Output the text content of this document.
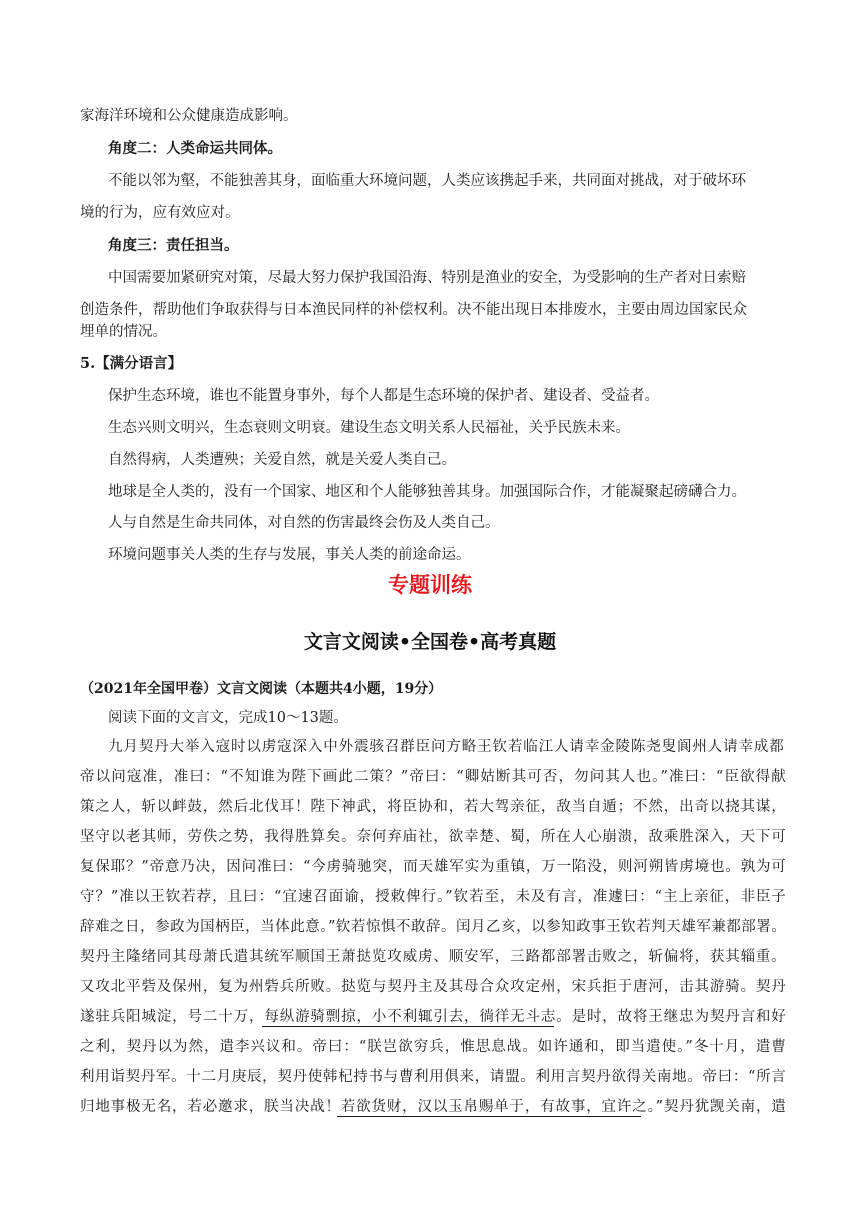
家海洋环境和公众健康造成影响。
角度二：人类命运共同体。
不能以邻为壑，不能独善其身，面临重大环境问题，人类应该携起手来，共同面对挑战，对于破坏环
境的行为，应有效应对。
角度三：责任担当。
中国需要加紧研究对策，尽最大努力保护我国沿海、特别是渔业的安全，为受影响的生产者对日索赔
创造条件，帮助他们争取获得与日本渔民同样的补偿权利。决不能出现日本排废水，主要由周边国家民众
埋单的情况。
5.【满分语言】
保护生态环境，谁也不能置身事外，每个人都是生态环境的保护者、建设者、受益者。
生态兴则文明兴，生态衰则文明衰。建设生态文明关系人民福祉，关乎民族未来。
自然得病，人类遭殃；关爱自然，就是关爱人类自己。
地球是全人类的，没有一个国家、地区和个人能够独善其身。加强国际合作，才能凝聚起磅礴合力。
人与自然是生命共同体，对自然的伤害最终会伤及人类自己。
环境问题事关人类的生存与发展，事关人类的前途命运。
专题训练
文言文阅读•全国卷•高考真题
（2021年全国甲卷）文言文阅读（本题共4小题，19分）
阅读下面的文言文，完成10～13题。
九月契丹大举入寇时以虏寇深入中外震骇召群臣问方略王钦若临江人请幸金陵陈尧叟阆州人请幸成都
帝以问寇准，准曰：“不知谁为陛下画此二策？”帝曰：“卿姑断其可否，勿问其人也。”准曰：“臣欲得献
策之人，斩以衅鼓，然后北伐耳！陛下神武，将臣协和，若大驾亲征，敌当自遁；不然，出奇以挠其谋，
坚守以老其师，劳佚之势，我得胜算矣。奈何弃庙社，欲幸楚、蜀，所在人心崩溃，敌乘胜深入，天下可
复保耶？”帝意乃决，因问准曰：“今虏骑驰突，而天雄军实为重镇，万一陷没，则河朔皆虏境也。孰为可
守？”准以王钦若荐，且曰：“宜速召面谕，授敕俾行。”钦若至，未及有言，准遽曰：“主上亲征，非臣子
辞难之日，参政为国柄臣，当体此意。”钦若惊惧不敢辞。闰月乙亥，以参知政事王钦若判天雄军兼都部署。
契丹主隆绪同其母萧氏遣其统军顺国王萧挞览攻威虏、顺安军，三路都部署击败之，斩偏将，获其辎重。
又攻北平砦及保州，复为州砦兵所败。挞览与契丹主及其母合众攻定州，宋兵拒于唐河，击其游骑。契丹
遂驻兵阳城淀，号二十万，每纵游骑剽掠，小不利辄引去，徜徉无斗志。是时，故将王继忠为契丹言和好
之利，契丹以为然，遣李兴议和。帝曰：“朕岂欲穷兵，惟思息战。如许通和，即当遣使。”冬十月，遣曹
利用诣契丹军。十二月庚辰，契丹使韩杞持书与曹利用俱来，请盟。利用言契丹欲得关南地。帝曰：“所言
归地事极无名，若必邀求，朕当决战！若欲货财，汉以玉帛赐单于，有故事，宜许之。”契丹犹觊关南，遣
